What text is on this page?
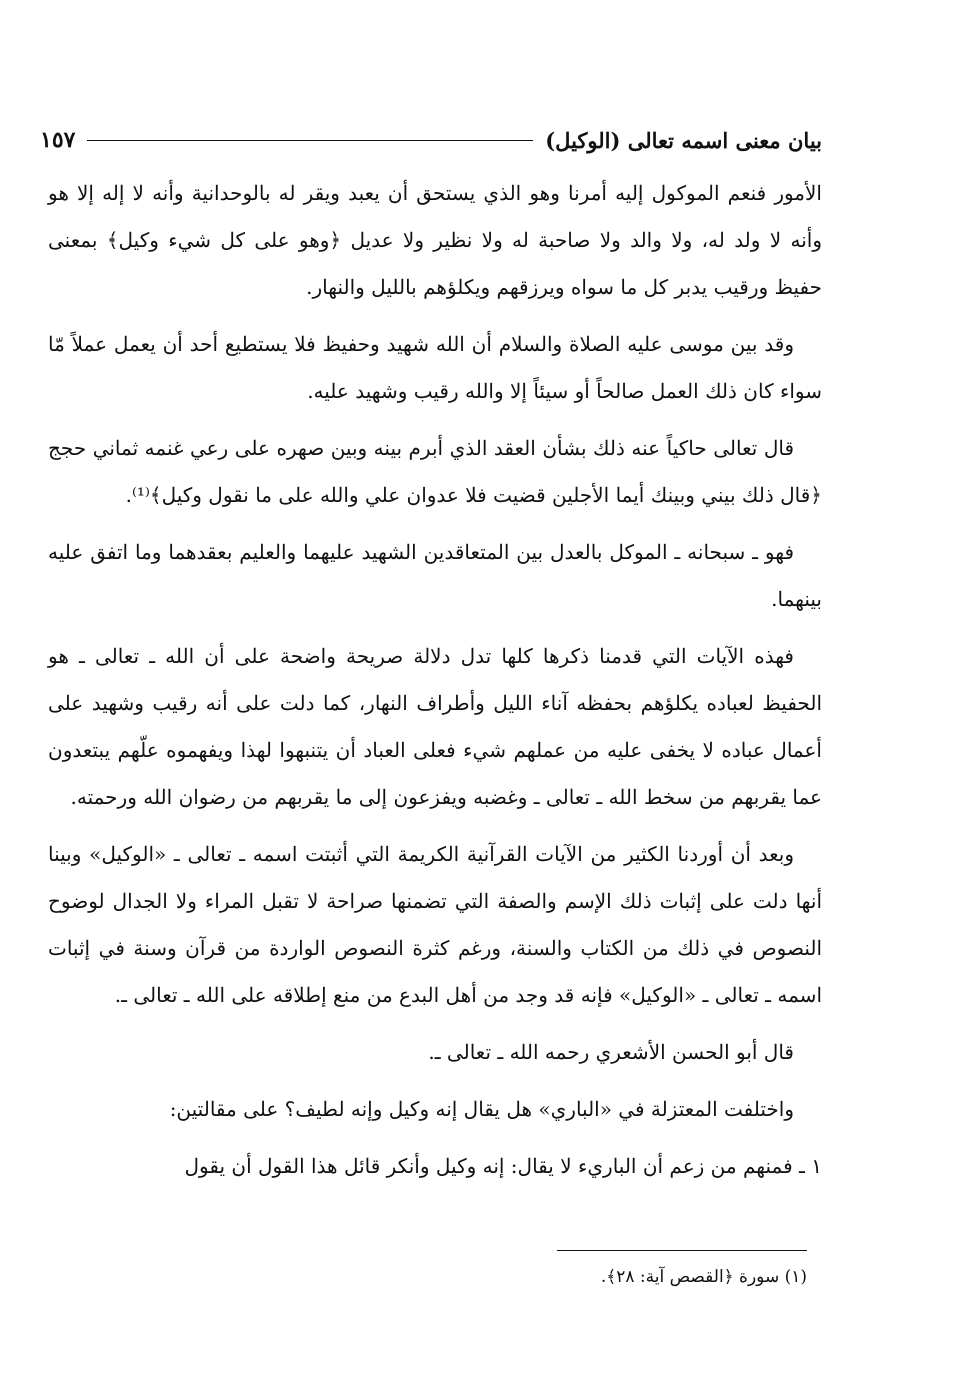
بيان معنى اسمه تعالى (الوكيل)
١٥٧

الأمور فنعم الموكول إليه أمرنا وهو الذي يستحق أن يعبد ويقر له بالوحدانية وأنه لا إله إلا هو وأنه لا ولد له، ولا والد ولا صاحبة له ولا نظير ولا عديل ﴿وهو على كل شيء وكيل﴾ بمعنى حفيظ ورقيب يدبر كل ما سواه ويرزقهم ويكلؤهم بالليل والنهار.

وقد بين موسى عليه الصلاة والسلام أن الله شهيد وحفيظ فلا يستطيع أحد أن يعمل عملاً مّا سواء كان ذلك العمل صالحاً أو سيئاً إلا والله رقيب وشهيد عليه.

قال تعالى حاكياً عنه ذلك بشأن العقد الذي أبرم بينه وبين صهره على رعي غنمه ثماني حجج ﴿قال ذلك بيني وبينك أيما الأجلين قضيت فلا عدوان علي والله على ما نقول وكيل﴾⁽¹⁾.

فهو ـ سبحانه ـ الموكل بالعدل بين المتعاقدين الشهيد عليهما والعليم بعقدهما وما اتفق عليه بينهما.

فهذه الآيات التي قدمنا ذكرها كلها تدل دلالة صريحة واضحة على أن الله ـ تعالى ـ هو الحفيظ لعباده يكلؤهم بحفظه آناء الليل وأطراف النهار، كما دلت على أنه رقيب وشهيد على أعمال عباده لا يخفى عليه من عملهم شيء فعلى العباد أن يتنبهوا لهذا ويفهموه علّهم يبتعدون عما يقربهم من سخط الله ـ تعالى ـ وغضبه ويفزعون إلى ما يقربهم من رضوان الله ورحمته.

وبعد أن أوردنا الكثير من الآيات القرآنية الكريمة التي أثبتت اسمه ـ تعالى ـ «الوكيل» وبينا أنها دلت على إثبات ذلك الإسم والصفة التي تضمنها صراحة لا تقبل المراء ولا الجدال لوضوح النصوص في ذلك من الكتاب والسنة، ورغم كثرة النصوص الواردة من قرآن وسنة في إثبات اسمه ـ تعالى ـ «الوكيل» فإنه قد وجد من أهل البدع من منع إطلاقه على الله ـ تعالى ـ.

قال أبو الحسن الأشعري رحمه الله ـ تعالى ـ.

واختلفت المعتزلة في «الباري» هل يقال إنه وكيل وإنه لطيف؟ على مقالتين:

١ ـ فمنهم من زعم أن الباريء لا يقال: إنه وكيل وأنكر قائل هذا القول أن يقول

(١) سورة ﴿القصص آية: ٢٨﴾.
